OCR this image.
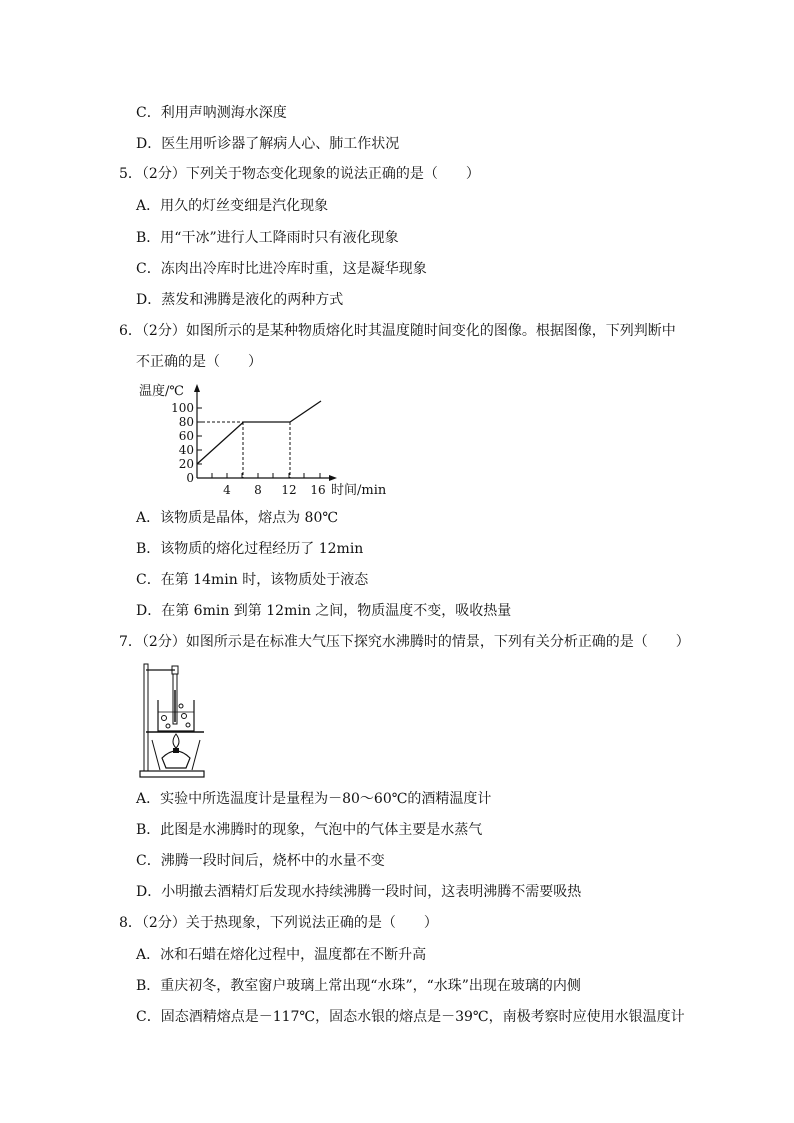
C．利用声呐测海水深度
D．医生用听诊器了解病人心、肺工作状况
5．（2分）下列关于物态变化现象的说法正确的是（　　）
A．用久的灯丝变细是汽化现象
B．用“干冰”进行人工降雨时只有液化现象
C．冻肉出冷库时比进冷库时重，这是凝华现象
D．蒸发和沸腾是液化的两种方式
6．（2分）如图所示的是某种物质熔化时其温度随时间变化的图像。根据图像，下列判断中
不正确的是（　　）
温度/℃
100
80
60
40
20
0
4 8 12 16 时间/min
A．该物质是晶体，熔点为 80℃
B．该物质的熔化过程经历了 12min
C．在第 14min 时，该物质处于液态
D．在第 6min 到第 12min 之间，物质温度不变，吸收热量
7．（2分）如图所示是在标准大气压下探究水沸腾时的情景，下列有关分析正确的是（　　）
A．实验中所选温度计是量程为－80～60℃的酒精温度计
B．此图是水沸腾时的现象，气泡中的气体主要是水蒸气
C．沸腾一段时间后，烧杯中的水量不变
D．小明撤去酒精灯后发现水持续沸腾一段时间，这表明沸腾不需要吸热
8．（2分）关于热现象，下列说法正确的是（　　）
A．冰和石蜡在熔化过程中，温度都在不断升高
B．重庆初冬，教室窗户玻璃上常出现“水珠”，“水珠”出现在玻璃的内侧
C．固态酒精熔点是－117℃，固态水银的熔点是－39℃，南极考察时应使用水银温度计
